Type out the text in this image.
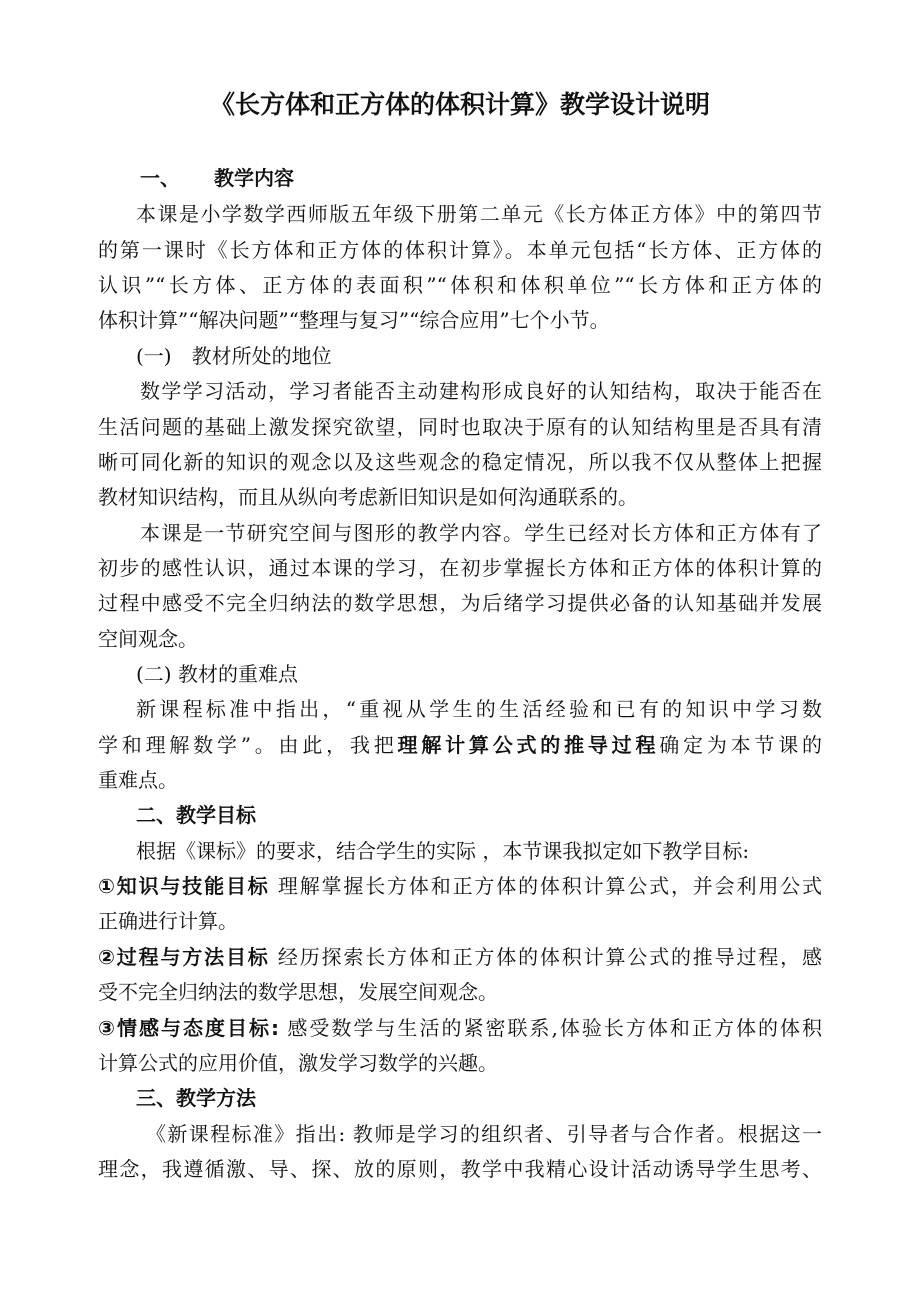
《长方体和正方体的体积计算》教学设计说明
一、 教学内容
本课是小学数学西师版五年级下册第二单元《长方体正方体》中的第四节
的第一课时《长方体和正方体的体积计算》。本单元包括“长方体、正方体的
认识”“长方体、正方体的表面积”“体积和体积单位”“长方体和正方体的
体积计算”“解决问题”“整理与复习”“综合应用”七个小节。
(一)　教材所处的地位
数学学习活动，学习者能否主动建构形成良好的认知结构，取决于能否在
生活问题的基础上激发探究欲望，同时也取决于原有的认知结构里是否具有清
晰可同化新的知识的观念以及这些观念的稳定情况，所以我不仅从整体上把握
教材知识结构，而且从纵向考虑新旧知识是如何沟通联系的。
本课是一节研究空间与图形的教学内容。学生已经对长方体和正方体有了
初步的感性认识，通过本课的学习，在初步掌握长方体和正方体的体积计算的
过程中感受不完全归纳法的数学思想，为后绪学习提供必备的认知基础并发展
空间观念。
(二) 教材的重难点
新课程标准中指出，“重视从学生的生活经验和已有的知识中学习数
学和理解数学”。由此，我把理解计算公式的推导过程确定为本节课的
重难点。
二、教学目标
根据《课标》的要求，结合学生的实际 ，本节课我拟定如下教学目标:
①知识与技能目标 理解掌握长方体和正方体的体积计算公式，并会利用公式
正确进行计算。
②过程与方法目标 经历探索长方体和正方体的体积计算公式的推导过程，感
受不完全归纳法的数学思想，发展空间观念。
③情感与态度目标: 感受数学与生活的紧密联系,体验长方体和正方体的体积
计算公式的应用价值，激发学习数学的兴趣。
三、教学方法
《新课程标准》指出: 教师是学习的组织者、引导者与合作者。根据这一
理念，我遵循激、导、探、放的原则，教学中我精心设计活动诱导学生思考、
